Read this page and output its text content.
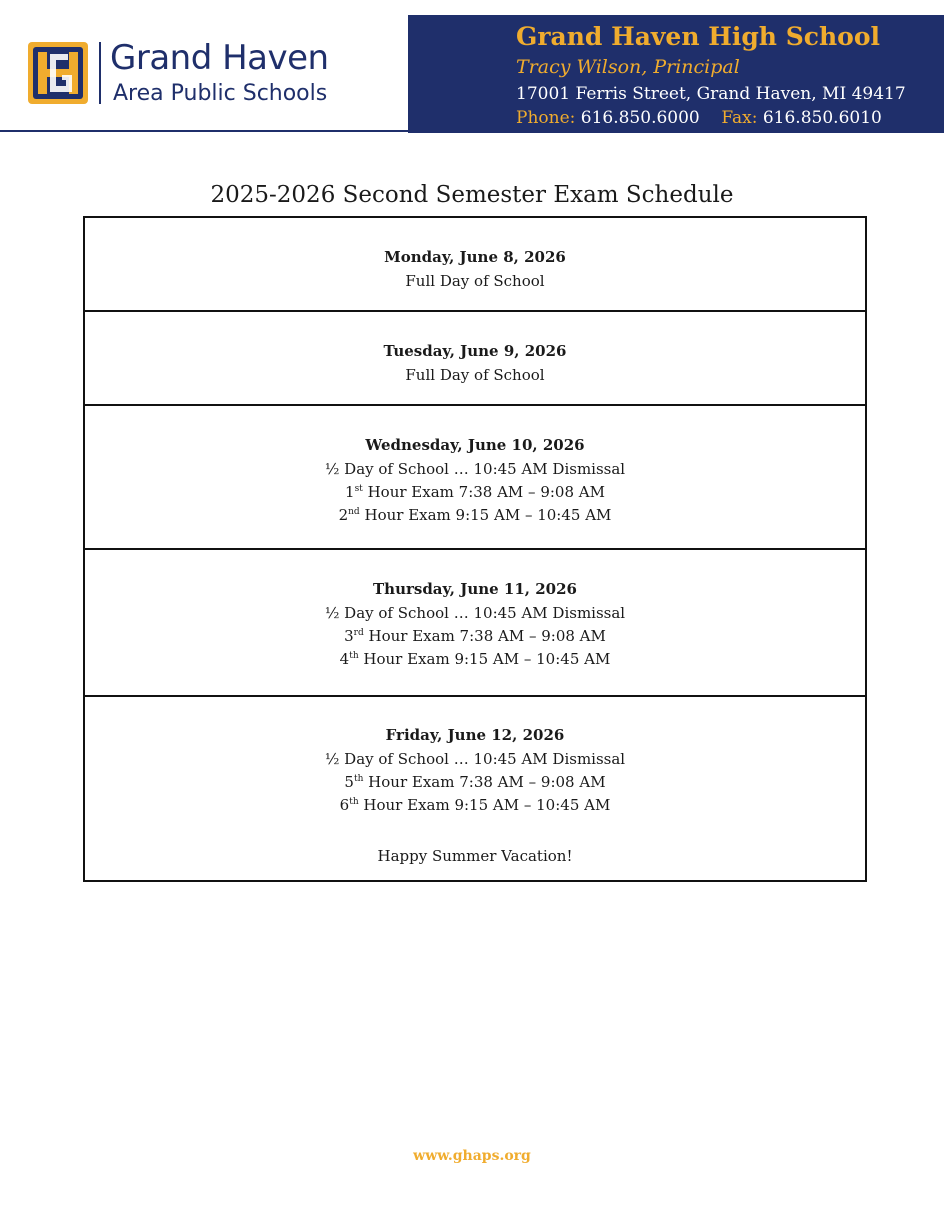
Grand Haven
Area Public Schools
Grand Haven High School
Tracy Wilson, Principal
17001 Ferris Street, Grand Haven, MI 49417
Phone: 616.850.6000 Fax: 616.850.6010
2025-2026 Second Semester Exam Schedule
Monday, June 8, 2026
Full Day of School
Tuesday, June 9, 2026
Full Day of School
Wednesday, June 10, 2026
½ Day of School … 10:45 AM Dismissal
1st Hour Exam 7:38 AM – 9:08 AM
2nd Hour Exam 9:15 AM – 10:45 AM
Thursday, June 11, 2026
½ Day of School … 10:45 AM Dismissal
3rd Hour Exam 7:38 AM – 9:08 AM
4th Hour Exam 9:15 AM – 10:45 AM
Friday, June 12, 2026
½ Day of School … 10:45 AM Dismissal
5th Hour Exam 7:38 AM – 9:08 AM
6th Hour Exam 9:15 AM – 10:45 AM
Happy Summer Vacation!
www.ghaps.org
